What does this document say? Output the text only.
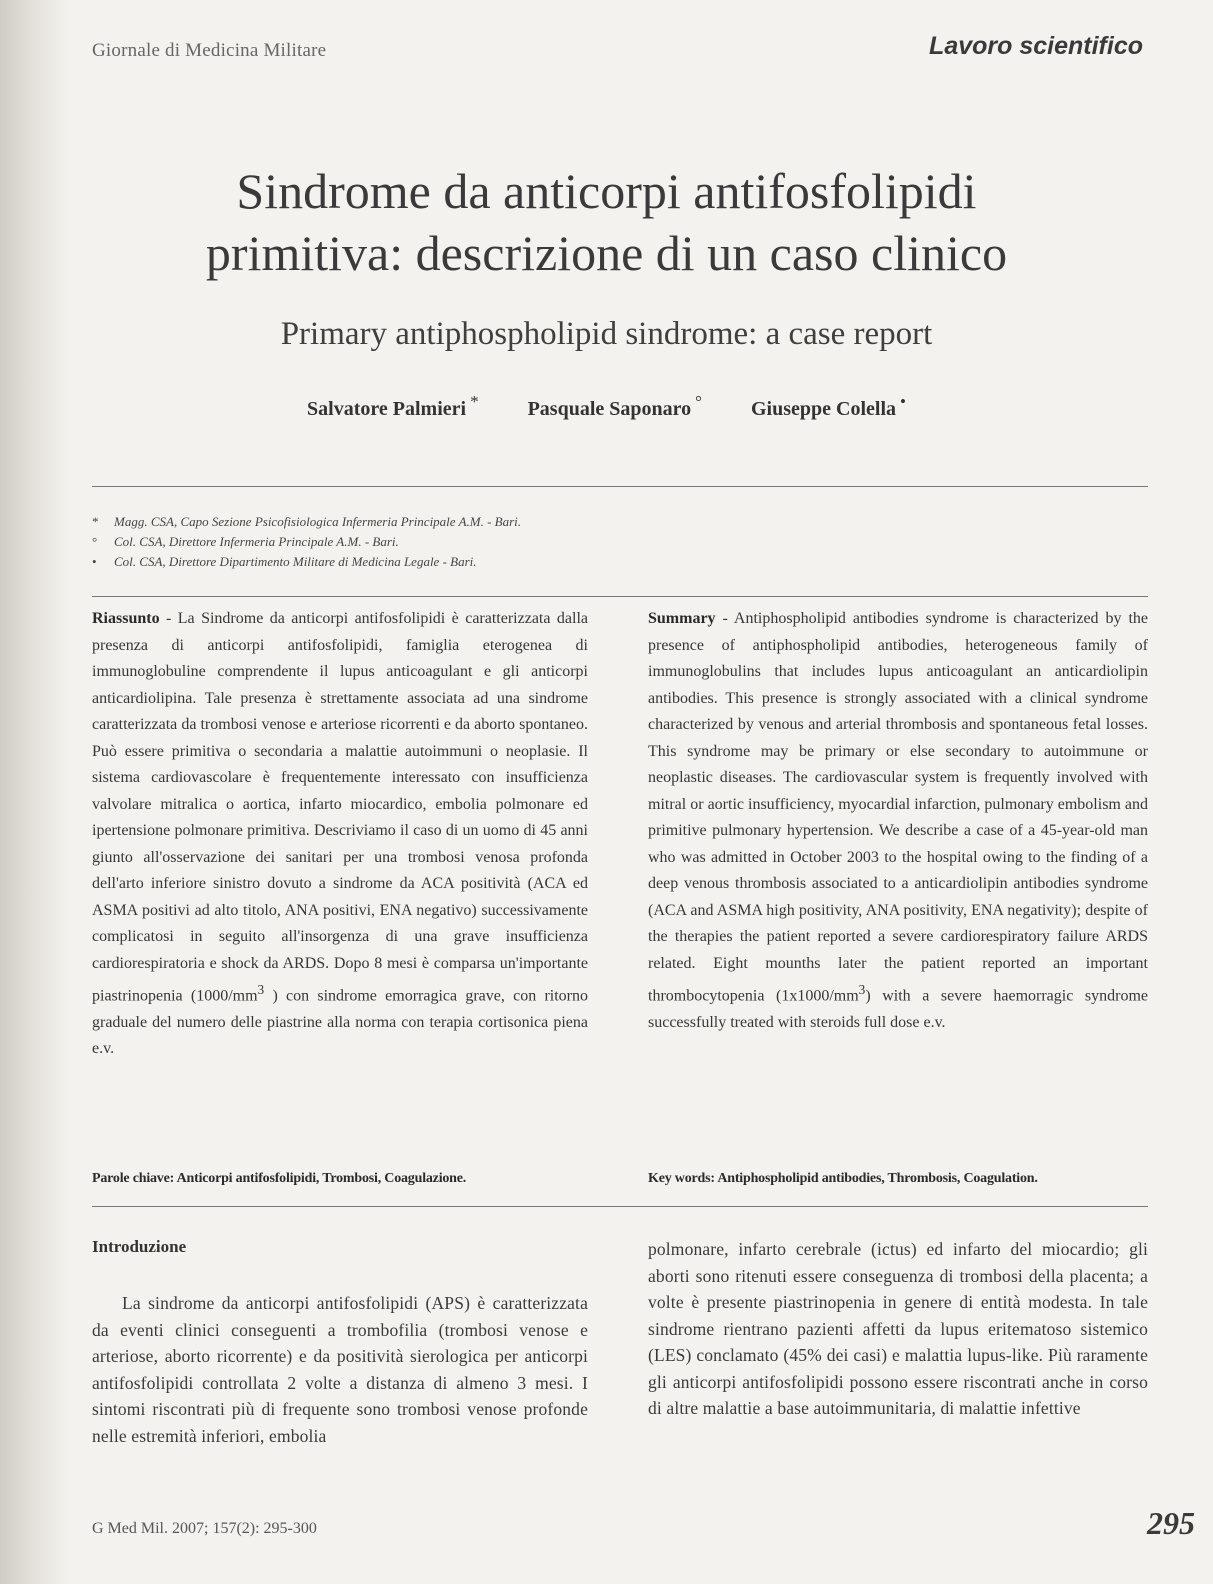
Giornale di Medicina Militare	Lavoro scientifico
Sindrome da anticorpi antifosfolipidi
primitiva: descrizione di un caso clinico
Primary antiphospholipid sindrome: a case report
Salvatore Palmieri * Pasquale Saponaro ° Giuseppe Colella •
* Magg. CSA, Capo Sezione Psicofisiologica Infermeria Principale A.M. - Bari.
° Col. CSA, Direttore Infermeria Principale A.M. - Bari.
• Col. CSA, Direttore Dipartimento Militare di Medicina Legale - Bari.
Riassunto - La Sindrome da anticorpi antifosfolipidi è caratterizzata dalla presenza di anticorpi antifosfolipidi, famiglia eterogenea di immunoglobuline comprendente il lupus anticoagulant e gli anticorpi anticardiolipina. Tale presenza è strettamente associata ad una sindrome caratterizzata da trombosi venose e arteriose ricorrenti e da aborto spontaneo. Può essere primitiva o secondaria a malattie autoimmuni o neoplasie. Il sistema cardiovascolare è frequentemente interessato con insufficienza valvolare mitralica o aortica, infarto miocardico, embolia polmonare ed ipertensione polmonare primitiva. Descriviamo il caso di un uomo di 45 anni giunto all'osservazione dei sanitari per una trombosi venosa profonda dell'arto inferiore sinistro dovuto a sindrome da ACA positività (ACA ed ASMA positivi ad alto titolo, ANA positivi, ENA negativo) successivamente complicatosi in seguito all'insorgenza di una grave insufficienza cardiorespiratoria e shock da ARDS. Dopo 8 mesi è comparsa un'importante piastrinopenia ($1000/mm^3$ ) con sindrome emorragica grave, con ritorno graduale del numero delle piastrine alla norma con terapia cortisonica piena e.v.
Summary - Antiphospholipid antibodies syndrome is characterized by the presence of antiphospholipid antibodies, heterogeneous family of immunoglobulins that includes lupus anticoagulant an anticardiolipin antibodies. This presence is strongly associated with a clinical syndrome characterized by venous and arterial thrombosis and spontaneous fetal losses. This syndrome may be primary or else secondary to autoimmune or neoplastic diseases. The cardiovascular system is frequently involved with mitral or aortic insufficiency, myocardial infarction, pulmonary embolism and primitive pulmonary hypertension. We describe a case of a 45-year-old man who was admitted in October 2003 to the hospital owing to the finding of a deep venous thrombosis associated to a anticardiolipin antibodies syndrome (ACA and ASMA high positivity, ANA positivity, ENA negativity); despite of the therapies the patient reported a severe cardiorespiratory failure ARDS related. Eight mounths later the patient reported an important thrombocytopenia $(1x1000/mm^3)$ with a severe haemorragic syndrome successfully treated with steroids full dose e.v.
Parole chiave: Anticorpi antifosfolipidi, Trombosi, Coagulazione.	Key words: Antiphospholipid antibodies, Thrombosis, Coagulation.
Introduzione
La sindrome da anticorpi antifosfolipidi (APS) è caratterizzata da eventi clinici conseguenti a trombofilia (trombosi venose e arteriose, aborto ricorrente) e da positività sierologica per anticorpi antifosfolipidi controllata 2 volte a distanza di almeno 3 mesi. I sintomi riscontrati più di frequente sono trombosi venose profonde nelle estremità inferiori, embolia
polmonare, infarto cerebrale (ictus) ed infarto del miocardio; gli aborti sono ritenuti essere conseguenza di trombosi della placenta; a volte è presente piastrinopenia in genere di entità modesta. In tale sindrome rientrano pazienti affetti da lupus eritematoso sistemico (LES) conclamato (45% dei casi) e malattia lupus-like. Più raramente gli anticorpi antifosfolipidi possono essere riscontrati anche in corso di altre malattie a base autoimmunitaria, di malattie infettive
G Med Mil. 2007; 157(2): 295-300	295
